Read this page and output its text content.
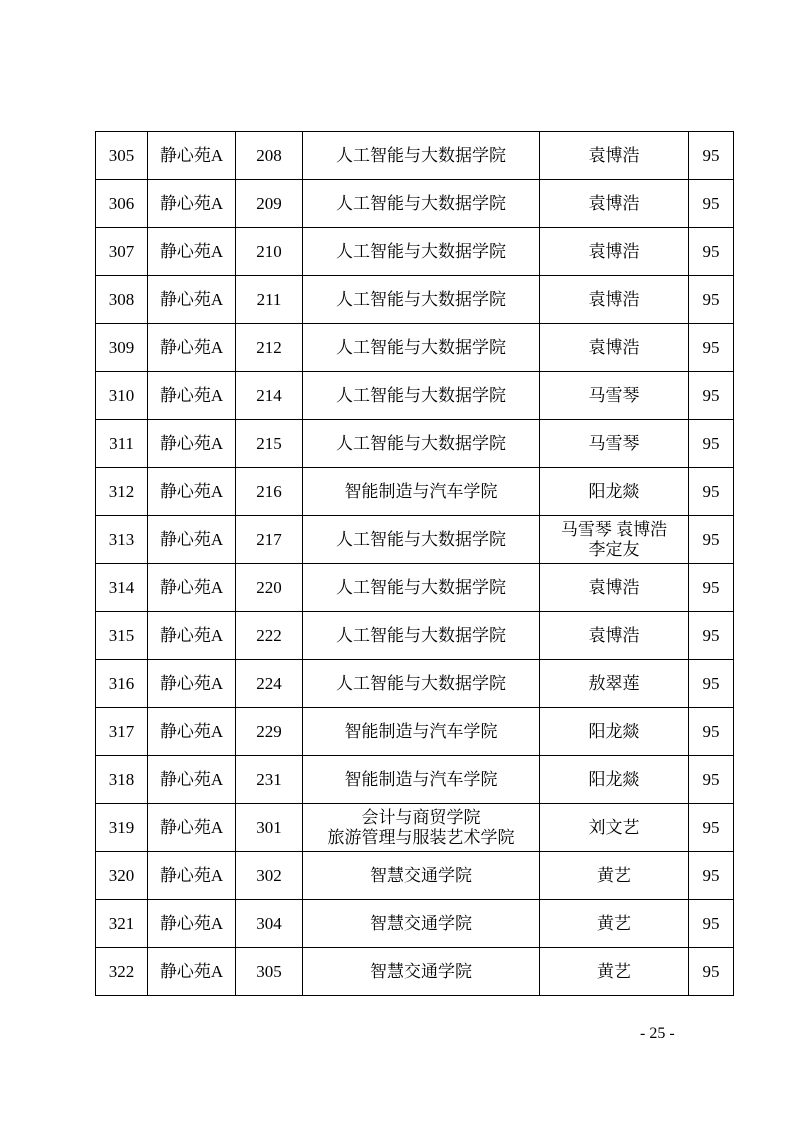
305	静心苑A	208	人工智能与大数据学院	袁博浩	95
306	静心苑A	209	人工智能与大数据学院	袁博浩	95
307	静心苑A	210	人工智能与大数据学院	袁博浩	95
308	静心苑A	211	人工智能与大数据学院	袁博浩	95
309	静心苑A	212	人工智能与大数据学院	袁博浩	95
310	静心苑A	214	人工智能与大数据学院	马雪琴	95
311	静心苑A	215	人工智能与大数据学院	马雪琴	95
312	静心苑A	216	智能制造与汽车学院	阳龙燚	95
313	静心苑A	217	人工智能与大数据学院	马雪琴 袁博浩
李定友	95
314	静心苑A	220	人工智能与大数据学院	袁博浩	95
315	静心苑A	222	人工智能与大数据学院	袁博浩	95
316	静心苑A	224	人工智能与大数据学院	敖翠莲	95
317	静心苑A	229	智能制造与汽车学院	阳龙燚	95
318	静心苑A	231	智能制造与汽车学院	阳龙燚	95
319	静心苑A	301	会计与商贸学院
旅游管理与服装艺术学院	刘文艺	95
320	静心苑A	302	智慧交通学院	黄艺	95
321	静心苑A	304	智慧交通学院	黄艺	95
322	静心苑A	305	智慧交通学院	黄艺	95
- 25 -
